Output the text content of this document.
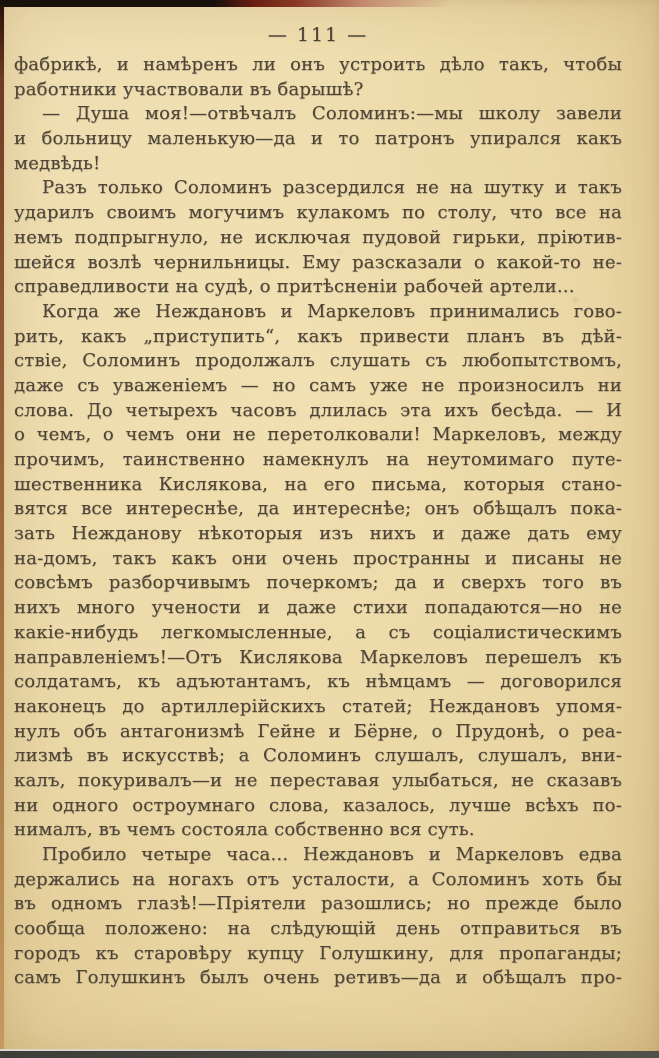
— 111 —
фабрикѣ, и намѣренъ ли онъ устроить дѣло такъ, чтобы
работники участвовали въ барышѣ?
— Душа моя!—отвѣчалъ Соломинъ:—мы школу завели
и больницу маленькую—да и то патронъ упирался какъ
медвѣдь!
Разъ только Соломинъ разсердился не на шутку и такъ
ударилъ своимъ могучимъ кулакомъ по столу, что все на
немъ подпрыгнуло, не исключая пудовой гирьки, пріютив-
шейся возлѣ чернильницы. Ему разсказали о какой-то не-
справедливости на судѣ, о притѣсненіи рабочей артели...
Когда же Неждановъ и Маркеловъ принимались гово-
рить, какъ „приступить“, какъ привести планъ въ дѣй-
ствіе, Соломинъ продолжалъ слушать съ любопытствомъ,
даже съ уваженіемъ — но самъ уже не произносилъ ни
слова. До четырехъ часовъ длилась эта ихъ бесѣда. — И
о чемъ, о чемъ они не перетолковали! Маркеловъ, между
прочимъ, таинственно намекнулъ на неутомимаго путе-
шественника Кислякова, на его письма, которыя стано-
вятся все интереснѣе, да интереснѣе; онъ обѣщалъ пока-
зать Нежданову нѣкоторыя изъ нихъ и даже дать ему
на-домъ, такъ какъ они очень пространны и писаны не
совсѣмъ разборчивымъ почеркомъ; да и сверхъ того въ
нихъ много учености и даже стихи попадаются—но не
какіе-нибудь легкомысленные, а съ соціалистическимъ
направленіемъ!—Отъ Кислякова Маркеловъ перешелъ къ
солдатамъ, къ адъютантамъ, къ нѣмцамъ — договорился
наконецъ до артиллерійскихъ статей; Неждановъ упомя-
нулъ объ антагонизмѣ Гейне и Бёрне, о Прудонѣ, о реа-
лизмѣ въ искусствѣ; а Соломинъ слушалъ, слушалъ, вни-
калъ, покуривалъ—и не переставая улыбаться, не сказавъ
ни одного остроумнаго слова, казалось, лучше всѣхъ по-
нималъ, въ чемъ состояла собственно вся суть.
Пробило четыре часа... Неждановъ и Маркеловъ едва
держались на ногахъ отъ усталости, а Соломинъ хоть бы
въ одномъ глазѣ!—Пріятели разошлись; но прежде было
сообща положено: на слѣдующій день отправиться въ
городъ къ старовѣру купцу Голушкину, для пропаганды;
самъ Голушкинъ былъ очень ретивъ—да и обѣщалъ про-
